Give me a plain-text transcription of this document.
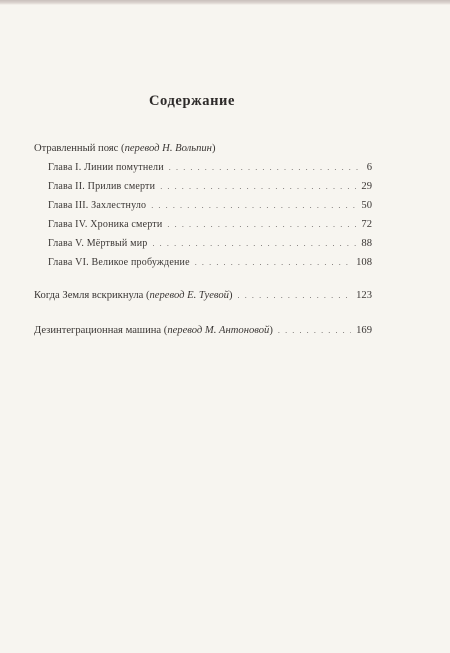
Содержание
Отравленный пояс (перевод Н. Вольпин)
Глава I. Линии помутнели . . .	6
Глава II. Прилив смерти . . .	29
Глава III. Захлестнуло . . .	50
Глава IV. Хроника смерти . . .	72
Глава V. Мёртвый мир . . .	88
Глава VI. Великое пробуждение . . .	108
Когда Земля вскрикнула (перевод Е. Туевой) . . .	123
Дезинтеграционная машина (перевод М. Антоновой) . . .	169
